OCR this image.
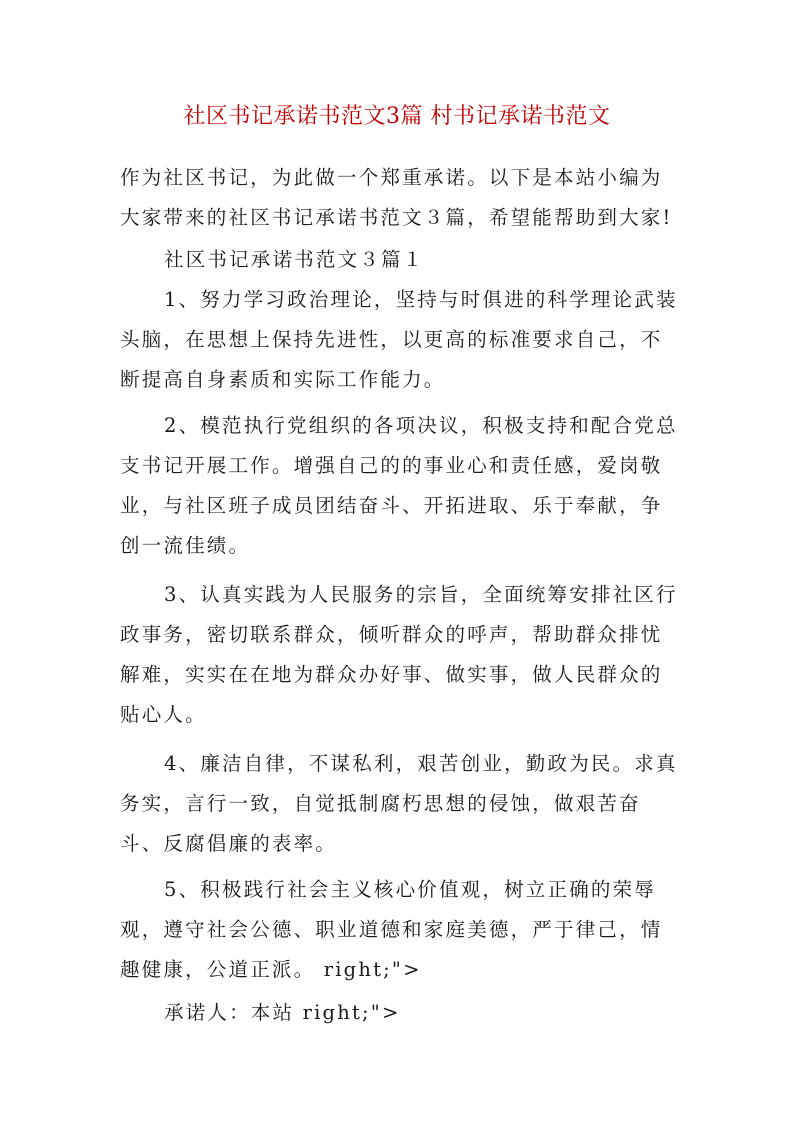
社区书记承诺书范文3篇 村书记承诺书范文
作为社区书记，为此做一个郑重承诺。以下是本站小编为大家带来的社区书记承诺书范文３篇，希望能帮助到大家!
社区书记承诺书范文３篇１
1、努力学习政治理论，坚持与时俱进的科学理论武装头脑，在思想上保持先进性，以更高的标准要求自己，不断提高自身素质和实际工作能力。
2、模范执行党组织的各项决议，积极支持和配合党总支书记开展工作。增强自己的的事业心和责任感，爱岗敬业，与社区班子成员团结奋斗、开拓进取、乐于奉献，争创一流佳绩。
3、认真实践为人民服务的宗旨，全面统筹安排社区行政事务，密切联系群众，倾听群众的呼声，帮助群众排忧解难，实实在在地为群众办好事、做实事，做人民群众的贴心人。
4、廉洁自律，不谋私利，艰苦创业，勤政为民。求真务实，言行一致，自觉抵制腐朽思想的侵蚀，做艰苦奋斗、反腐倡廉的表率。
5、积极践行社会主义核心价值观，树立正确的荣辱观，遵守社会公德、职业道德和家庭美德，严于律己，情趣健康，公道正派。 right;">
承诺人：本站 right;">
